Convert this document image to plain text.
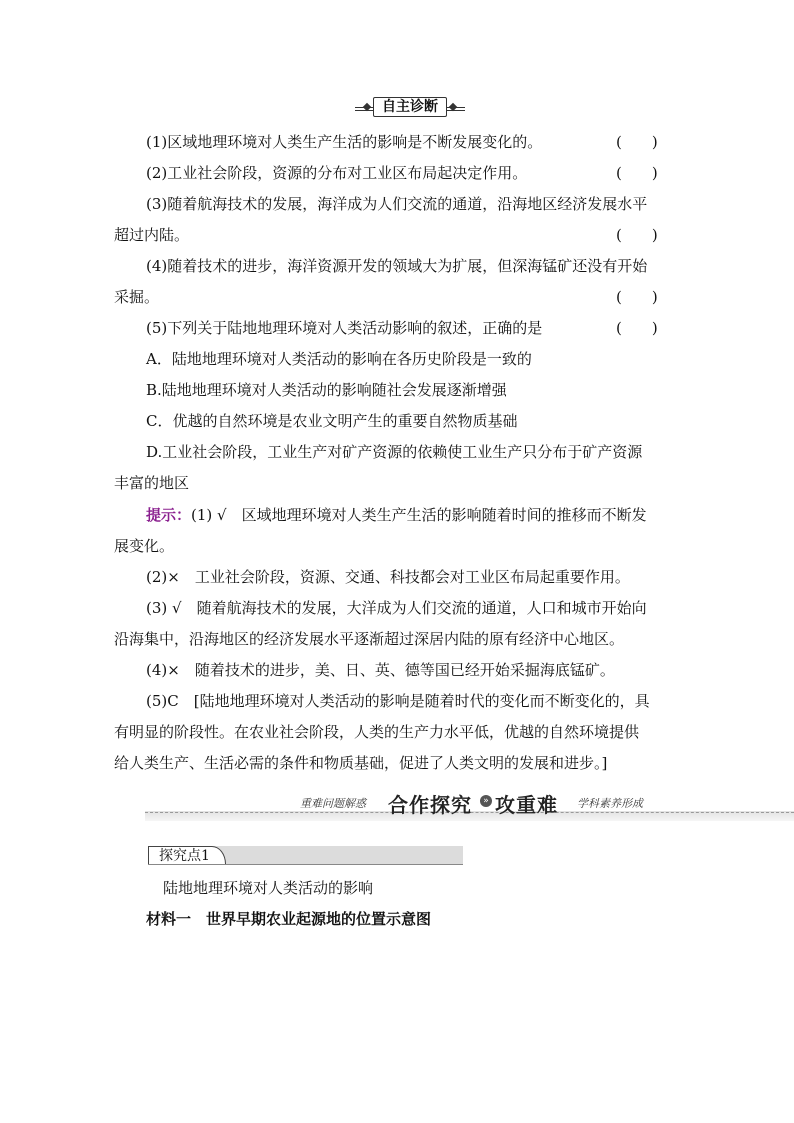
自主诊断
(1)区域地理环境对人类生产生活的影响是不断发展变化的。	(　　)
(2)工业社会阶段，资源的分布对工业区布局起决定作用。	(　　)
(3)随着航海技术的发展，海洋成为人们交流的通道，沿海地区经济发展水平
超过内陆。	(　　)
(4)随着技术的进步，海洋资源开发的领域大为扩展，但深海锰矿还没有开始
采掘。	(　　)
(5)下列关于陆地地理环境对人类活动影响的叙述，正确的是	(　　)
A．陆地地理环境对人类活动的影响在各历史阶段是一致的
B.陆地地理环境对人类活动的影响随社会发展逐渐增强
C．优越的自然环境是农业文明产生的重要自然物质基础
D.工业社会阶段，工业生产对矿产资源的依赖使工业生产只分布于矿产资源
丰富的地区
提示：(1) √　区域地理环境对人类生产生活的影响随着时间的推移而不断发
展变化。
(2)×　工业社会阶段，资源、交通、科技都会对工业区布局起重要作用。
(3) √　随着航海技术的发展，大洋成为人们交流的通道，人口和城市开始向
沿海集中，沿海地区的经济发展水平逐渐超过深居内陆的原有经济中心地区。
(4)×　随着技术的进步，美、日、英、德等国已经开始采掘海底锰矿。
(5)C　[陆地地理环境对人类活动的影响是随着时代的变化而不断变化的，具
有明显的阶段性。在农业社会阶段，人类的生产力水平低，优越的自然环境提供
给人类生产、生活必需的条件和物质基础，促进了人类文明的发展和进步。]
重难问题解惑 合作探究	» 攻重难 学科素养形成
探究点1
陆地地理环境对人类活动的影响
材料一　世界早期农业起源地的位置示意图
